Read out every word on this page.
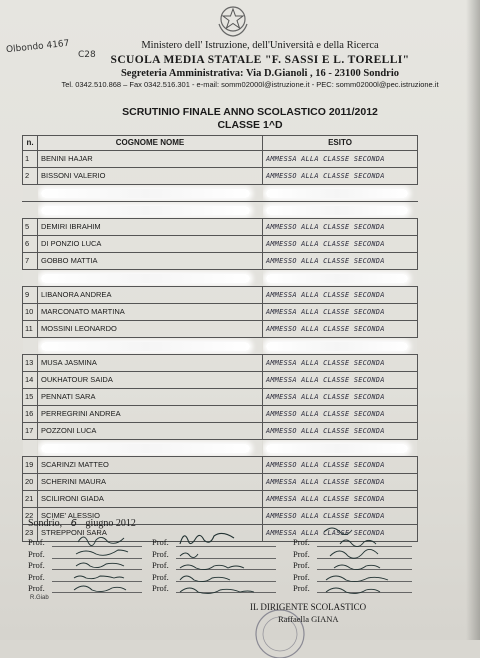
Olbondo 4167 C28
Ministero dell' Istruzione, dell'Università e della Ricerca
SCUOLA MEDIA STATALE "F. SASSI E L. TORELLI"
Segreteria Amministrativa: Via D.Gianoli , 16 - 23100 Sondrio
Tel. 0342.510.868 – Fax 0342.516.301 - e-mail: somm02000l@istruzione.it - PEC: somm02000l@pec.istruzione.it
SCRUTINIO FINALE ANNO SCOLASTICO 2011/2012
CLASSE 1^D
n.	COGNOME NOME	ESITO
1	BENINI HAJAR	AMMESSA ALLA CLASSE SECONDA
2	BISSONI VALERIO	AMMESSO ALLA CLASSE SECONDA

5	DEMIRI IBRAHIM	AMMESSO ALLA CLASSE SECONDA
6	DI PONZIO LUCA	AMMESSO ALLA CLASSE SECONDA
7	GOBBO MATTIA	AMMESSO ALLA CLASSE SECONDA

9	LIBANORA ANDREA	AMMESSA ALLA CLASSE SECONDA
10	MARCONATO MARTINA	AMMESSA ALLA CLASSE SECONDA
11	MOSSINI LEONARDO	AMMESSO ALLA CLASSE SECONDA

13	MUSA JASMINA	AMMESSA ALLA CLASSE SECONDA
14	OUKHATOUR SAIDA	AMMESSA ALLA CLASSE SECONDA
15	PENNATI SARA	AMMESSA ALLA CLASSE SECONDA
16	PERREGRINI ANDREA	AMMESSO ALLA CLASSE SECONDA
17	POZZONI LUCA	AMMESSO ALLA CLASSE SECONDA

19	SCARINZI MATTEO	AMMESSO ALLA CLASSE SECONDA
20	SCHERINI MAURA	AMMESSA ALLA CLASSE SECONDA
21	SCILIRONI GIADA	AMMESSA ALLA CLASSE SECONDA
22	SCIME' ALESSIO	AMMESSO ALLA CLASSE SECONDA
23	STREPPONI SARA	AMMESSA ALLA CLASSE SECONDA
Sondrio, 6 giugno 2012
Prof.
Prof.
Prof.
Prof.
Prof.
R.Giab
Prof.
Prof.
Prof.
Prof.
Prof.
Prof.
Prof.
Prof.
Prof.
Prof.
IL DIRIGENTE SCOLASTICO
Raffaella GIANA
